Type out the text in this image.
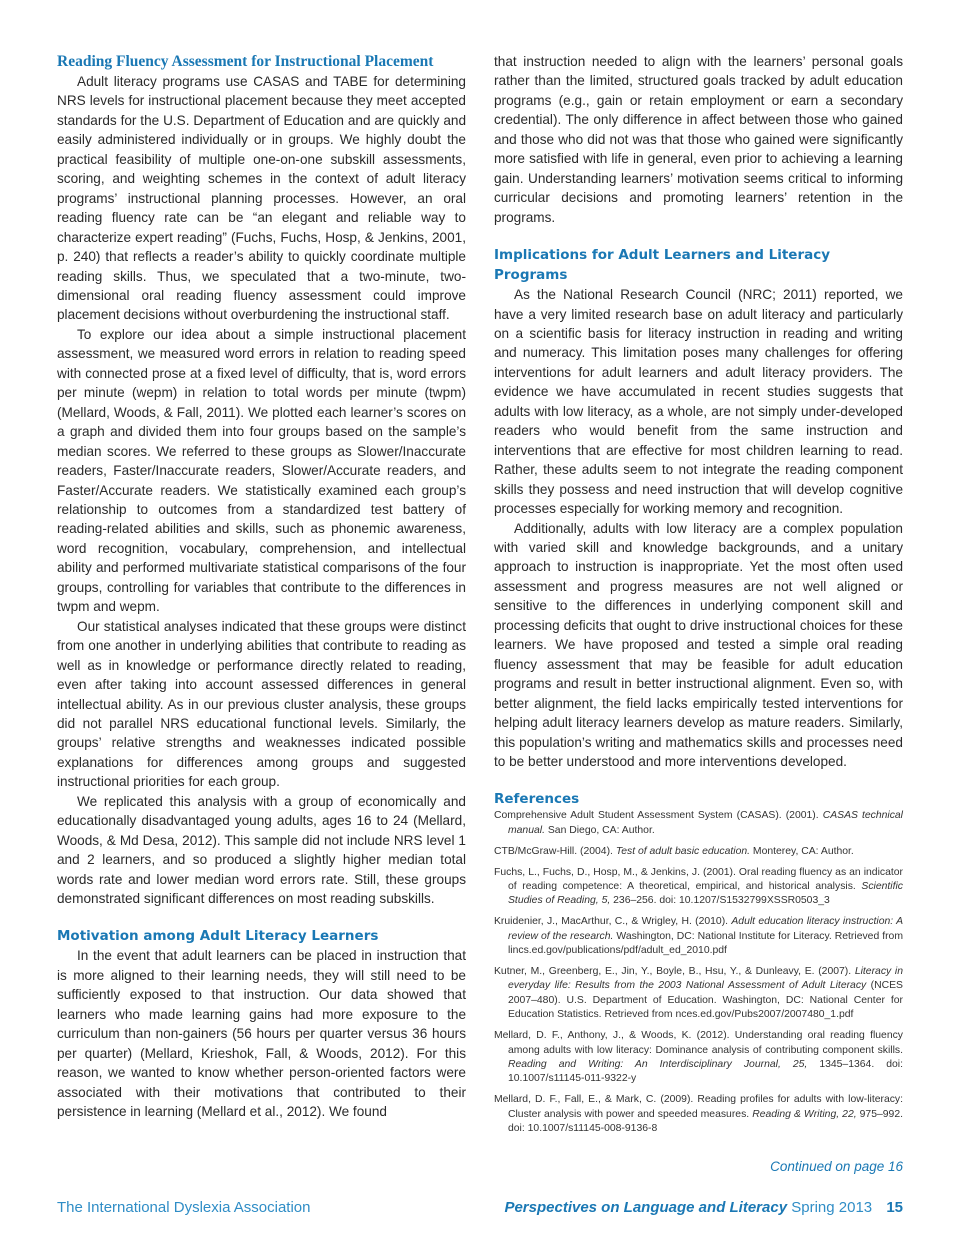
Reading Fluency Assessment for Instructional Placement

Adult literacy programs use CASAS and TABE for determining NRS levels for instructional placement because they meet accepted standards for the U.S. Department of Education and are quickly and easily administered individually or in groups. We highly doubt the practical feasibility of multiple one-on-one subskill assessments, scoring, and weighting schemes in the context of adult literacy programs’ instructional planning processes. However, an oral reading fluency rate can be “an elegant and reliable way to characterize expert reading” (Fuchs, Fuchs, Hosp, & Jenkins, 2001, p. 240) that reflects a reader’s ability to quickly coordinate multiple reading skills. Thus, we speculated that a two-minute, two-dimensional oral reading fluency assessment could improve placement decisions without overburdening the instructional staff.

To explore our idea about a simple instructional placement assessment, we measured word errors in relation to reading speed with connected prose at a fixed level of difficulty, that is, word errors per minute (wepm) in relation to total words per minute (twpm) (Mellard, Woods, & Fall, 2011). We plotted each learner’s scores on a graph and divided them into four groups based on the sample’s median scores. We referred to these groups as Slower/Inaccurate readers, Faster/Inaccurate readers, Slower/Accurate readers, and Faster/Accurate readers. We statistically examined each group’s relationship to outcomes from a standardized test battery of reading-related abilities and skills, such as phonemic awareness, word recognition, vocabulary, comprehension, and intellectual ability and performed multivariate statistical comparisons of the four groups, controlling for variables that contribute to the differences in twpm and wepm.

Our statistical analyses indicated that these groups were distinct from one another in underlying abilities that contribute to reading as well as in knowledge or performance directly related to reading, even after taking into account assessed differences in general intellectual ability. As in our previous cluster analysis, these groups did not parallel NRS educational functional levels. Similarly, the groups’ relative strengths and weaknesses indicated possible explanations for differences among groups and suggested instructional priorities for each group.

We replicated this analysis with a group of economically and educationally disadvantaged young adults, ages 16 to 24 (Mellard, Woods, & Md Desa, 2012). This sample did not include NRS level 1 and 2 learners, and so produced a slightly higher median total words rate and lower median word errors rate. Still, these groups demonstrated significant differences on most reading subskills.

Motivation among Adult Literacy Learners

In the event that adult learners can be placed in instruction that is more aligned to their learning needs, they will still need to be sufficiently exposed to that instruction. Our data showed that learners who made learning gains had more exposure to the curriculum than non-gainers (56 hours per quarter versus 36 hours per quarter) (Mellard, Krieshok, Fall, & Woods, 2012). For this reason, we wanted to know whether person-oriented factors were associated with their motivations that contributed to their persistence in learning (Mellard et al., 2012). We found

that instruction needed to align with the learners’ personal goals rather than the limited, structured goals tracked by adult education programs (e.g., gain or retain employment or earn a secondary credential). The only difference in affect between those who gained and those who did not was that those who gained were significantly more satisfied with life in general, even prior to achieving a learning gain. Understanding learners’ motivation seems critical to informing curricular decisions and promoting learners’ retention in the programs.

Implications for Adult Learners and Literacy Programs

As the National Research Council (NRC; 2011) reported, we have a very limited research base on adult literacy and particularly on a scientific basis for literacy instruction in reading and writing and numeracy. This limitation poses many challenges for offering interventions for adult learners and adult literacy providers. The evidence we have accumulated in recent studies suggests that adults with low literacy, as a whole, are not simply under-developed readers who would benefit from the same instruction and interventions that are effective for most children learning to read. Rather, these adults seem to not integrate the reading component skills they possess and need instruction that will develop cognitive processes especially for working memory and recognition.

Additionally, adults with low literacy are a complex population with varied skill and knowledge backgrounds, and a unitary approach to instruction is inappropriate. Yet the most often used assessment and progress measures are not well aligned or sensitive to the differences in underlying component skill and processing deficits that ought to drive instructional choices for these learners. We have proposed and tested a simple oral reading fluency assessment that may be feasible for adult education programs and result in better instructional alignment. Even so, with better alignment, the field lacks empirically tested interventions for helping adult literacy learners develop as mature readers. Similarly, this population’s writing and mathematics skills and processes need to be better understood and more interventions developed.

References

Comprehensive Adult Student Assessment System (CASAS). (2001). CASAS technical manual. San Diego, CA: Author.

CTB/McGraw-Hill. (2004). Test of adult basic education. Monterey, CA: Author.

Fuchs, L., Fuchs, D., Hosp, M., & Jenkins, J. (2001). Oral reading fluency as an indicator of reading competence: A theoretical, empirical, and historical analysis. Scientific Studies of Reading, 5, 236–256. doi: 10.1207/S1532799XSSR0503_3

Kruidenier, J., MacArthur, C., & Wrigley, H. (2010). Adult education literacy instruction: A review of the research. Washington, DC: National Institute for Literacy. Retrieved from lincs.ed.gov/publications/pdf/adult_ed_2010.pdf

Kutner, M., Greenberg, E., Jin, Y., Boyle, B., Hsu, Y., & Dunleavy, E. (2007). Literacy in everyday life: Results from the 2003 National Assessment of Adult Literacy (NCES 2007–480). U.S. Department of Education. Washington, DC: National Center for Education Statistics. Retrieved from nces.ed.gov/Pubs2007/2007480_1.pdf

Mellard, D. F., Anthony, J., & Woods, K. (2012). Understanding oral reading fluency among adults with low literacy: Dominance analysis of contributing component skills. Reading and Writing: An Interdisciplinary Journal, 25, 1345–1364. doi: 10.1007/s11145-011-9322-y

Mellard, D. F., Fall, E., & Mark, C. (2009). Reading profiles for adults with low-literacy: Cluster analysis with power and speeded measures. Reading & Writing, 22, 975–992. doi: 10.1007/s11145-008-9136-8

Continued on page 16
The International Dyslexia Association	Perspectives on Language and Literacy Spring 2013 15
